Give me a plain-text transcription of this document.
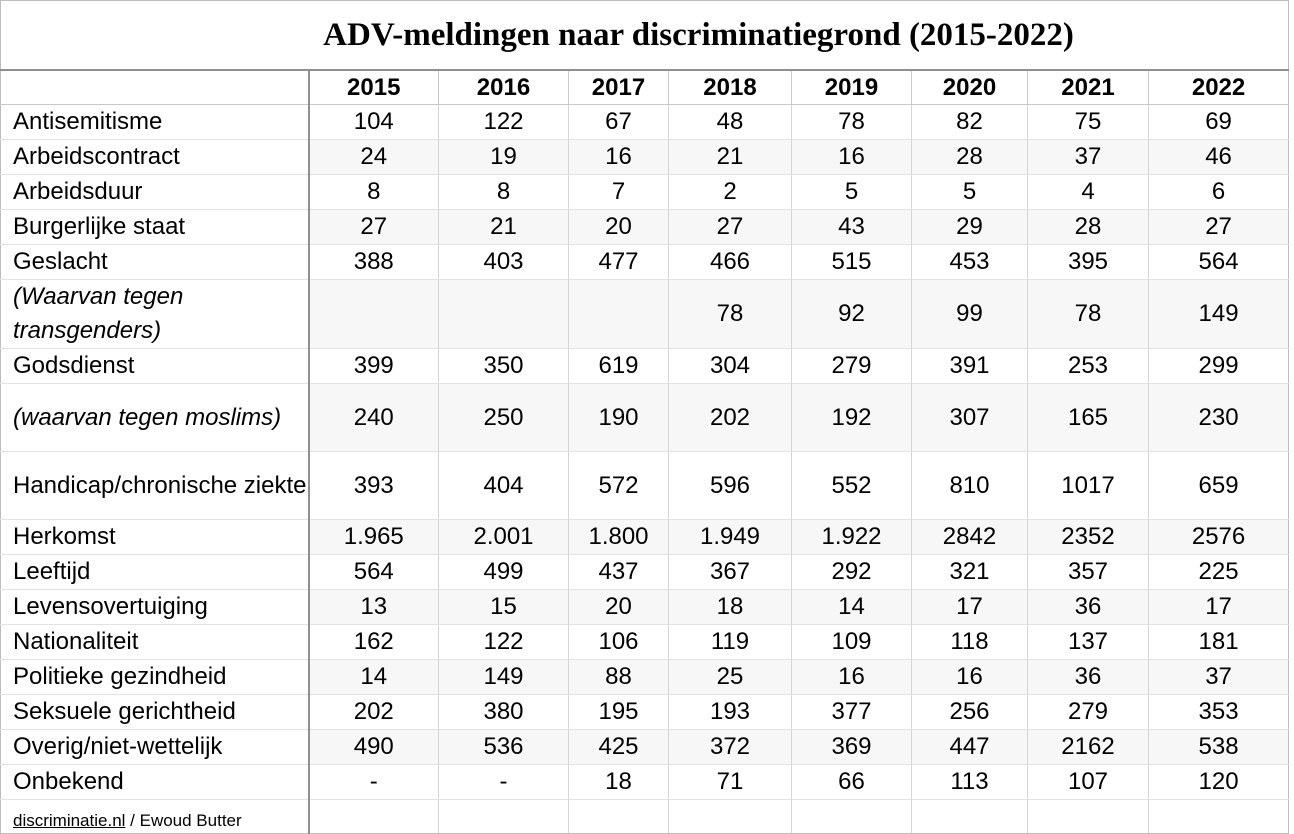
ADV-meldingen naar discriminatiegrond (2015-2022)								
	2015	2016	2017	2018	2019	2020	2021	2022
Antisemitisme	104	122	67	48	78	82	75	69
Arbeidscontract	24	19	16	21	16	28	37	46
Arbeidsduur	8	8	7	2	5	5	4	6
Burgerlijke staat	27	21	20	27	43	29	28	27
Geslacht	388	403	477	466	515	453	395	564
(Waarvan tegen transgenders)				78	92	99	78	149
Godsdienst	399	350	619	304	279	391	253	299
(waarvan tegen moslims)	240	250	190	202	192	307	165	230
Handicap/chronische ziekte	393	404	572	596	552	810	1017	659
Herkomst	1.965	2.001	1.800	1.949	1.922	2842	2352	2576
Leeftijd	564	499	437	367	292	321	357	225
Levensovertuiging	13	15	20	18	14	17	36	17
Nationaliteit	162	122	106	119	109	118	137	181
Politieke gezindheid	14	149	88	25	16	16	36	37
Seksuele gerichtheid	202	380	195	193	377	256	279	353
Overig/niet-wettelijk	490	536	425	372	369	447	2162	538
Onbekend	-	-	18	71	66	113	107	120
discriminatie.nl / Ewoud Butter								
